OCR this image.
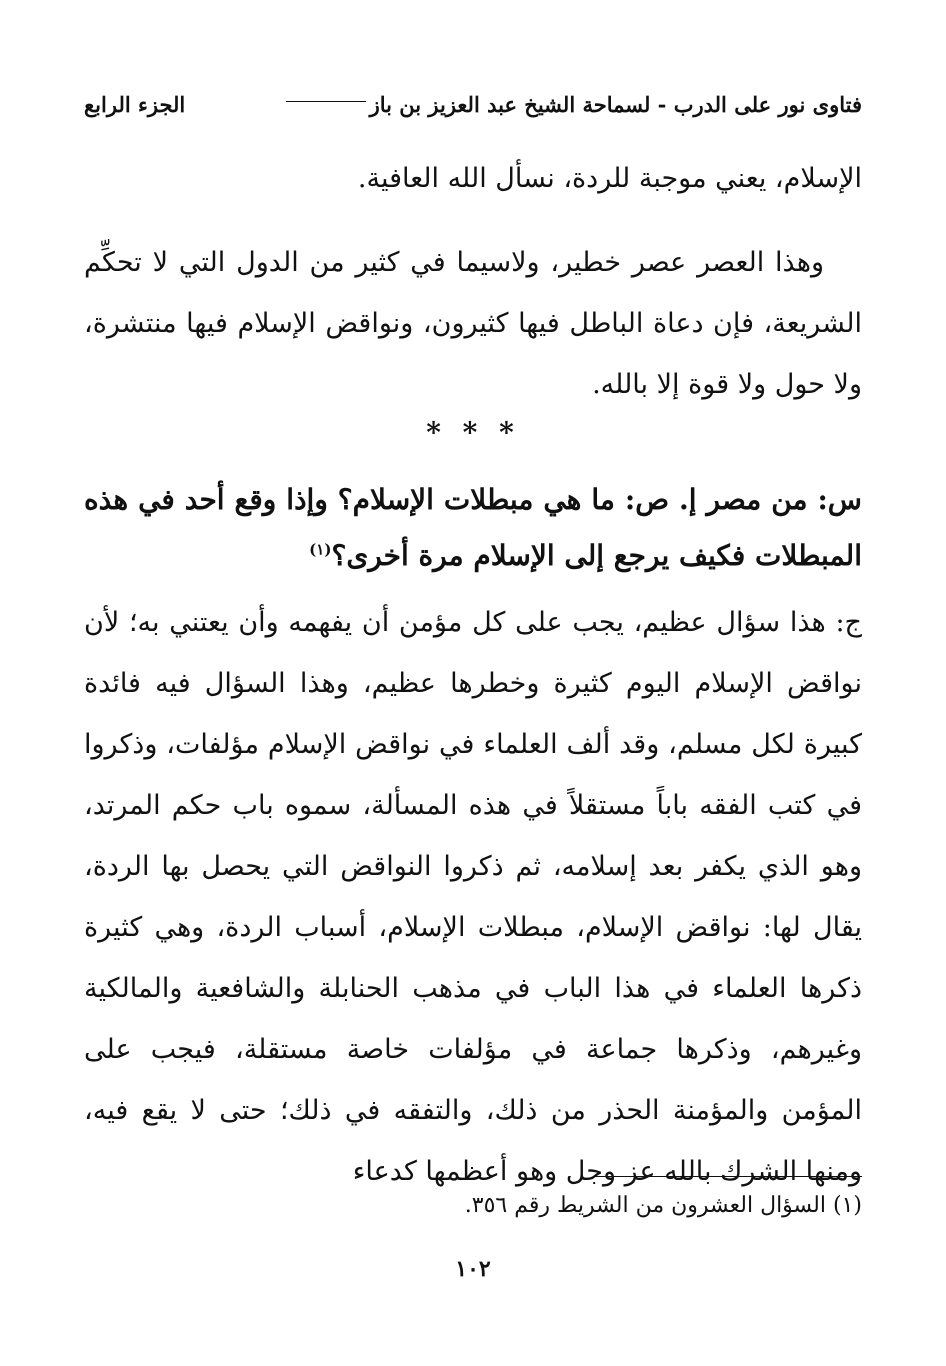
فتاوى نور على الدرب - لسماحة الشيخ عبد العزيز بن باز
الجزء الرابع
الإسلام، يعني موجبة للردة، نسأل الله العافية.
وهذا العصر عصر خطير، ولاسيما في كثير من الدول التي لا تحكِّم الشريعة، فإن دعاة الباطل فيها كثيرون، ونواقض الإسلام فيها منتشرة، ولا حول ولا قوة إلا بالله.
* * *
س: من مصر إ. ص: ما هي مبطلات الإسلام؟ وإذا وقع أحد في هذه المبطلات فكيف يرجع إلى الإسلام مرة أخرى؟$^{(١)}$
ج: هذا سؤال عظيم، يجب على كل مؤمن أن يفهمه وأن يعتني به؛ لأن نواقض الإسلام اليوم كثيرة وخطرها عظيم، وهذا السؤال فيه فائدة كبيرة لكل مسلم، وقد ألف العلماء في نواقض الإسلام مؤلفات، وذكروا في كتب الفقه باباً مستقلاً في هذه المسألة، سموه باب حكم المرتد، وهو الذي يكفر بعد إسلامه، ثم ذكروا النواقض التي يحصل بها الردة، يقال لها: نواقض الإسلام، مبطلات الإسلام، أسباب الردة، وهي كثيرة ذكرها العلماء في هذا الباب في مذهب الحنابلة والشافعية والمالكية وغيرهم، وذكرها جماعة في مؤلفات خاصة مستقلة، فيجب على المؤمن والمؤمنة الحذر من ذلك، والتفقه في ذلك؛ حتى لا يقع فيه، ومنها الشرك بالله عز وجل وهو أعظمها كدعاء
(١) السؤال العشرون من الشريط رقم ٣٥٦.
١٠٢
